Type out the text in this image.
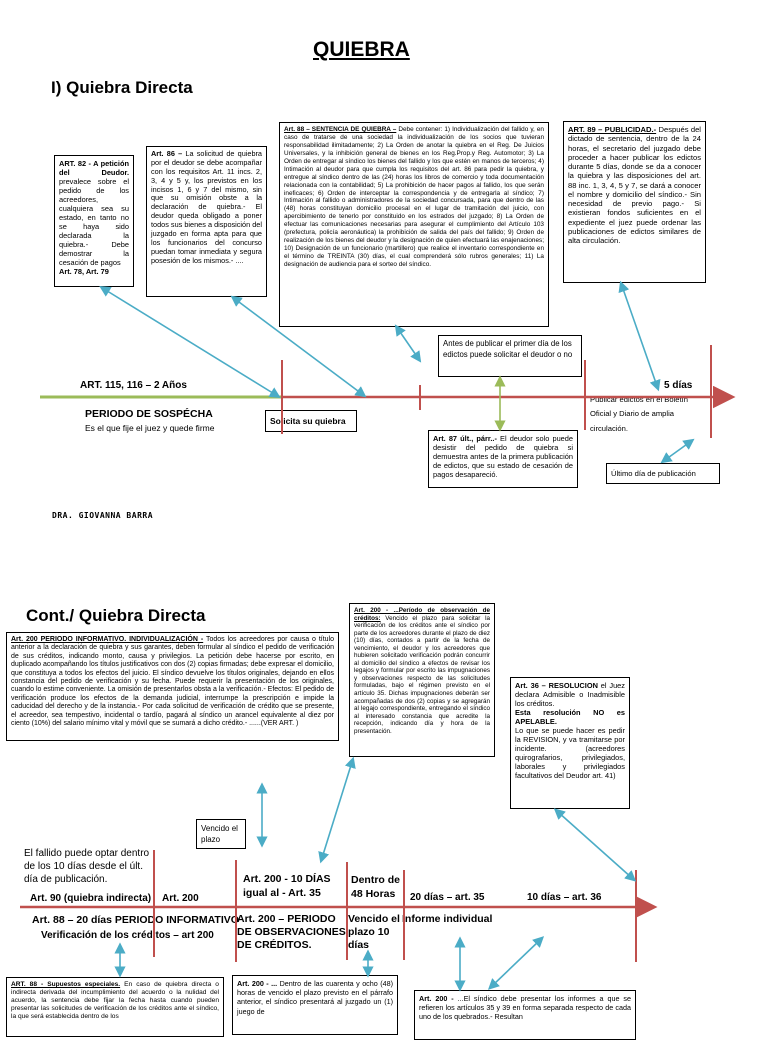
QUIEBRA
I) Quiebra Directa
ART. 82 - A petición del Deudor. prevalece sobre el pedido de los acreedores, cualquiera sea su estado, en tanto no se haya sido declarada la quiebra.- Debe demostrar la cesación de pagos
Art. 78, Art. 79
Art. 86 – La solicitud de quiebra por el deudor se debe acompañar con los requisitos Art. 11 incs. 2, 3, 4 y 5 y, los previstos en los incisos 1, 6 y 7 del mismo, sin que su omisión obste a la declaración de quiebra.- El deudor queda obligado a poner todos sus bienes a disposición del juzgado en forma apta para que los funcionarios del concurso puedan tomar inmediata y segura posesión de los mismos.- ....
Art. 88 – SENTENCIA DE QUIEBRA – Debe contener: 1) Individualización del fallido y, en caso de tratarse de una sociedad la individualización de los socios que tuvieran responsabilidad ilimitadamente; 2) La Orden de anotar la quiebra en el Reg. De Juicios Universales, y la inhibición general de bienes en los Reg.Prop.y Reg. Automotor; 3) La Orden de entregar al síndico los bienes del fallido y los que estén en manos de terceros; 4) Intimación al deudor para que cumpla los requisitos del art. 86 para pedir la quiebra, y entregue al síndico dentro de las (24) horas los libros de comercio y toda documentación relacionada con la contabilidad; 5) La prohibición de hacer pagos al fallido, los que serán ineficaces; 6) Orden de interceptar la correspondencia y de entregarla al síndico; 7) Intimación al fallido o administradores de la sociedad concursada, para que dentro de las (48) horas constituyan domicilio procesal en el lugar de tramitación del juicio, con apercibimiento de tenerlo por constituido en los estrados del juzgado; 8) La Orden de efectuar las comunicaciones necesarias para asegurar el cumplimiento del Artículo 103 (prefectura, policía aeronáutica) la prohibición de salida del país del fallido; 9) Orden de realización de los bienes del deudor y la designación de quien efectuará las enajenaciones; 10) Designación de un funcionario (martillero) que realice el inventario correspondiente en el término de TREINTA (30) días, el cual comprenderá sólo rubros generales; 11) La designación de audiencia para el sorteo del síndico.
ART. 89 – PUBLICIDAD.- Después del dictado de sentencia, dentro de la 24 horas, el secretario del juzgado debe proceder a hacer publicar los edictos durante 5 días, donde se da a conocer la quiebra y las disposiciones del art. 88 inc. 1, 3, 4, 5 y 7, se dará a conocer el nombre y domicilio del síndico.- Sin necesidad de previo pago.- Si existieran fondos suficientes en el expediente el juez puede ordenar las publicaciones de edictos similares de alta circulación.
Antes de publicar el primer día de los edictos puede solicitar el deudor o no
ART. 115, 116 – 2 Años	5 días
PERIODO DE SOSPÉCHA
Es el que fije el juez y quede firme
Solicita su quiebra
Publicar edictos en el Boletín Oficial y Diario de amplia circulación.
Art. 87 últ., párr..- El deudor solo puede desistir del pedido de quiebra si demuestra antes de la primera publicación de edictos, que su estado de cesación de pagos desapareció.	Último día de publicación
DRA. GIOVANNA BARRA
Cont./ Quiebra Directa
Art. 200 PERIODO INFORMATIVO. INDIVIDUALIZACIÓN - Todos los acreedores por causa o título anterior a la declaración de quiebra y sus garantes, deben formular al síndico el pedido de verificación de sus créditos, indicando monto, causa y privilegios. La petición debe hacerse por escrito, en duplicado acompañando los títulos justificativos con dos (2) copias firmadas; debe expresar el domicilio, que constituya a todos los efectos del juicio. El síndico devuelve los títulos originales, dejando en ellos constancia del pedido de verificación y su fecha. Puede requerir la presentación de los originales, cuando lo estime conveniente. La omisión de presentarlos obsta a la verificación.- Efectos: El pedido de verificación produce los efectos de la demanda judicial, interrumpe la prescripción e impide la caducidad del derecho y de la instancia.- Por cada solicitud de verificación de crédito que se presente, el acreedor, sea tempestivo, incidental o tardío, pagará al síndico un arancel equivalente al diez por ciento (10%) del salario mínimo vital y móvil que se sumará a dicho crédito.- ......(VER ART. )
Art. 200 - ...Período de observación de créditos: Vencido el plazo para solicitar la verificación de los créditos ante el síndico por parte de los acreedores durante el plazo de diez (10) días, contados a partir de la fecha de vencimiento, el deudor y los acreedores que hubieren solicitado verificación podrán concurrir al domicilio del síndico a efectos de revisar los legajos y formular por escrito las impugnaciones y observaciones respecto de las solicitudes formuladas, bajo el régimen previsto en el artículo 35. Dichas impugnaciones deberán ser acompañadas de dos (2) copias y se agregarán al legajo correspondiente, entregando el síndico al interesado constancia que acredite la recepción, indicando día y hora de la presentación.
Art. 36 – RESOLUCION el Juez declara Admisible o Inadmisible los créditos.
Esta resolución NO es APELABLE.
Lo que se puede hacer es pedir la REVISION, y va tramitarse por incidente. (acreedores quirografarios, privilegiados, laborales y privilegiados facultativos del Deudor art. 41)
Vencido el plazo
El fallido puede optar dentro de los 10 días desde el últ. día de publicación.
Art. 90 (quiebra indirecta) Art. 200
Art. 200 - 10 DÍAS igual al - Art. 35
Dentro de 48 Horas	20 días – art. 35	10 días – art. 36
Art. 88 – 20 días PERIODO INFORMATIVO
Verificación de los créditos – art 200
Art. 200 – PERIODO DE OBSERVACIONES DE CRÉDITOS.
Vencido el plazo 10 días
Informe individual
ART. 88 - Supuestos especiales. En caso de quiebra directa o indirecta derivada del incumplimiento del acuerdo o la nulidad del acuerdo, la sentencia debe fijar la fecha hasta cuando pueden presentar las solicitudes de verificación de los créditos ante el síndico, la que será establecida dentro de los
Art. 200 - ... Dentro de las cuarenta y ocho (48) horas de vencido el plazo previsto en el párrafo anterior, el síndico presentará al juzgado un (1) juego de
Art. 200 - ...El síndico debe presentar los informes a que se refieren los artículos 35 y 39 en forma separada respecto de cada uno de los quebrados.- Resultan
